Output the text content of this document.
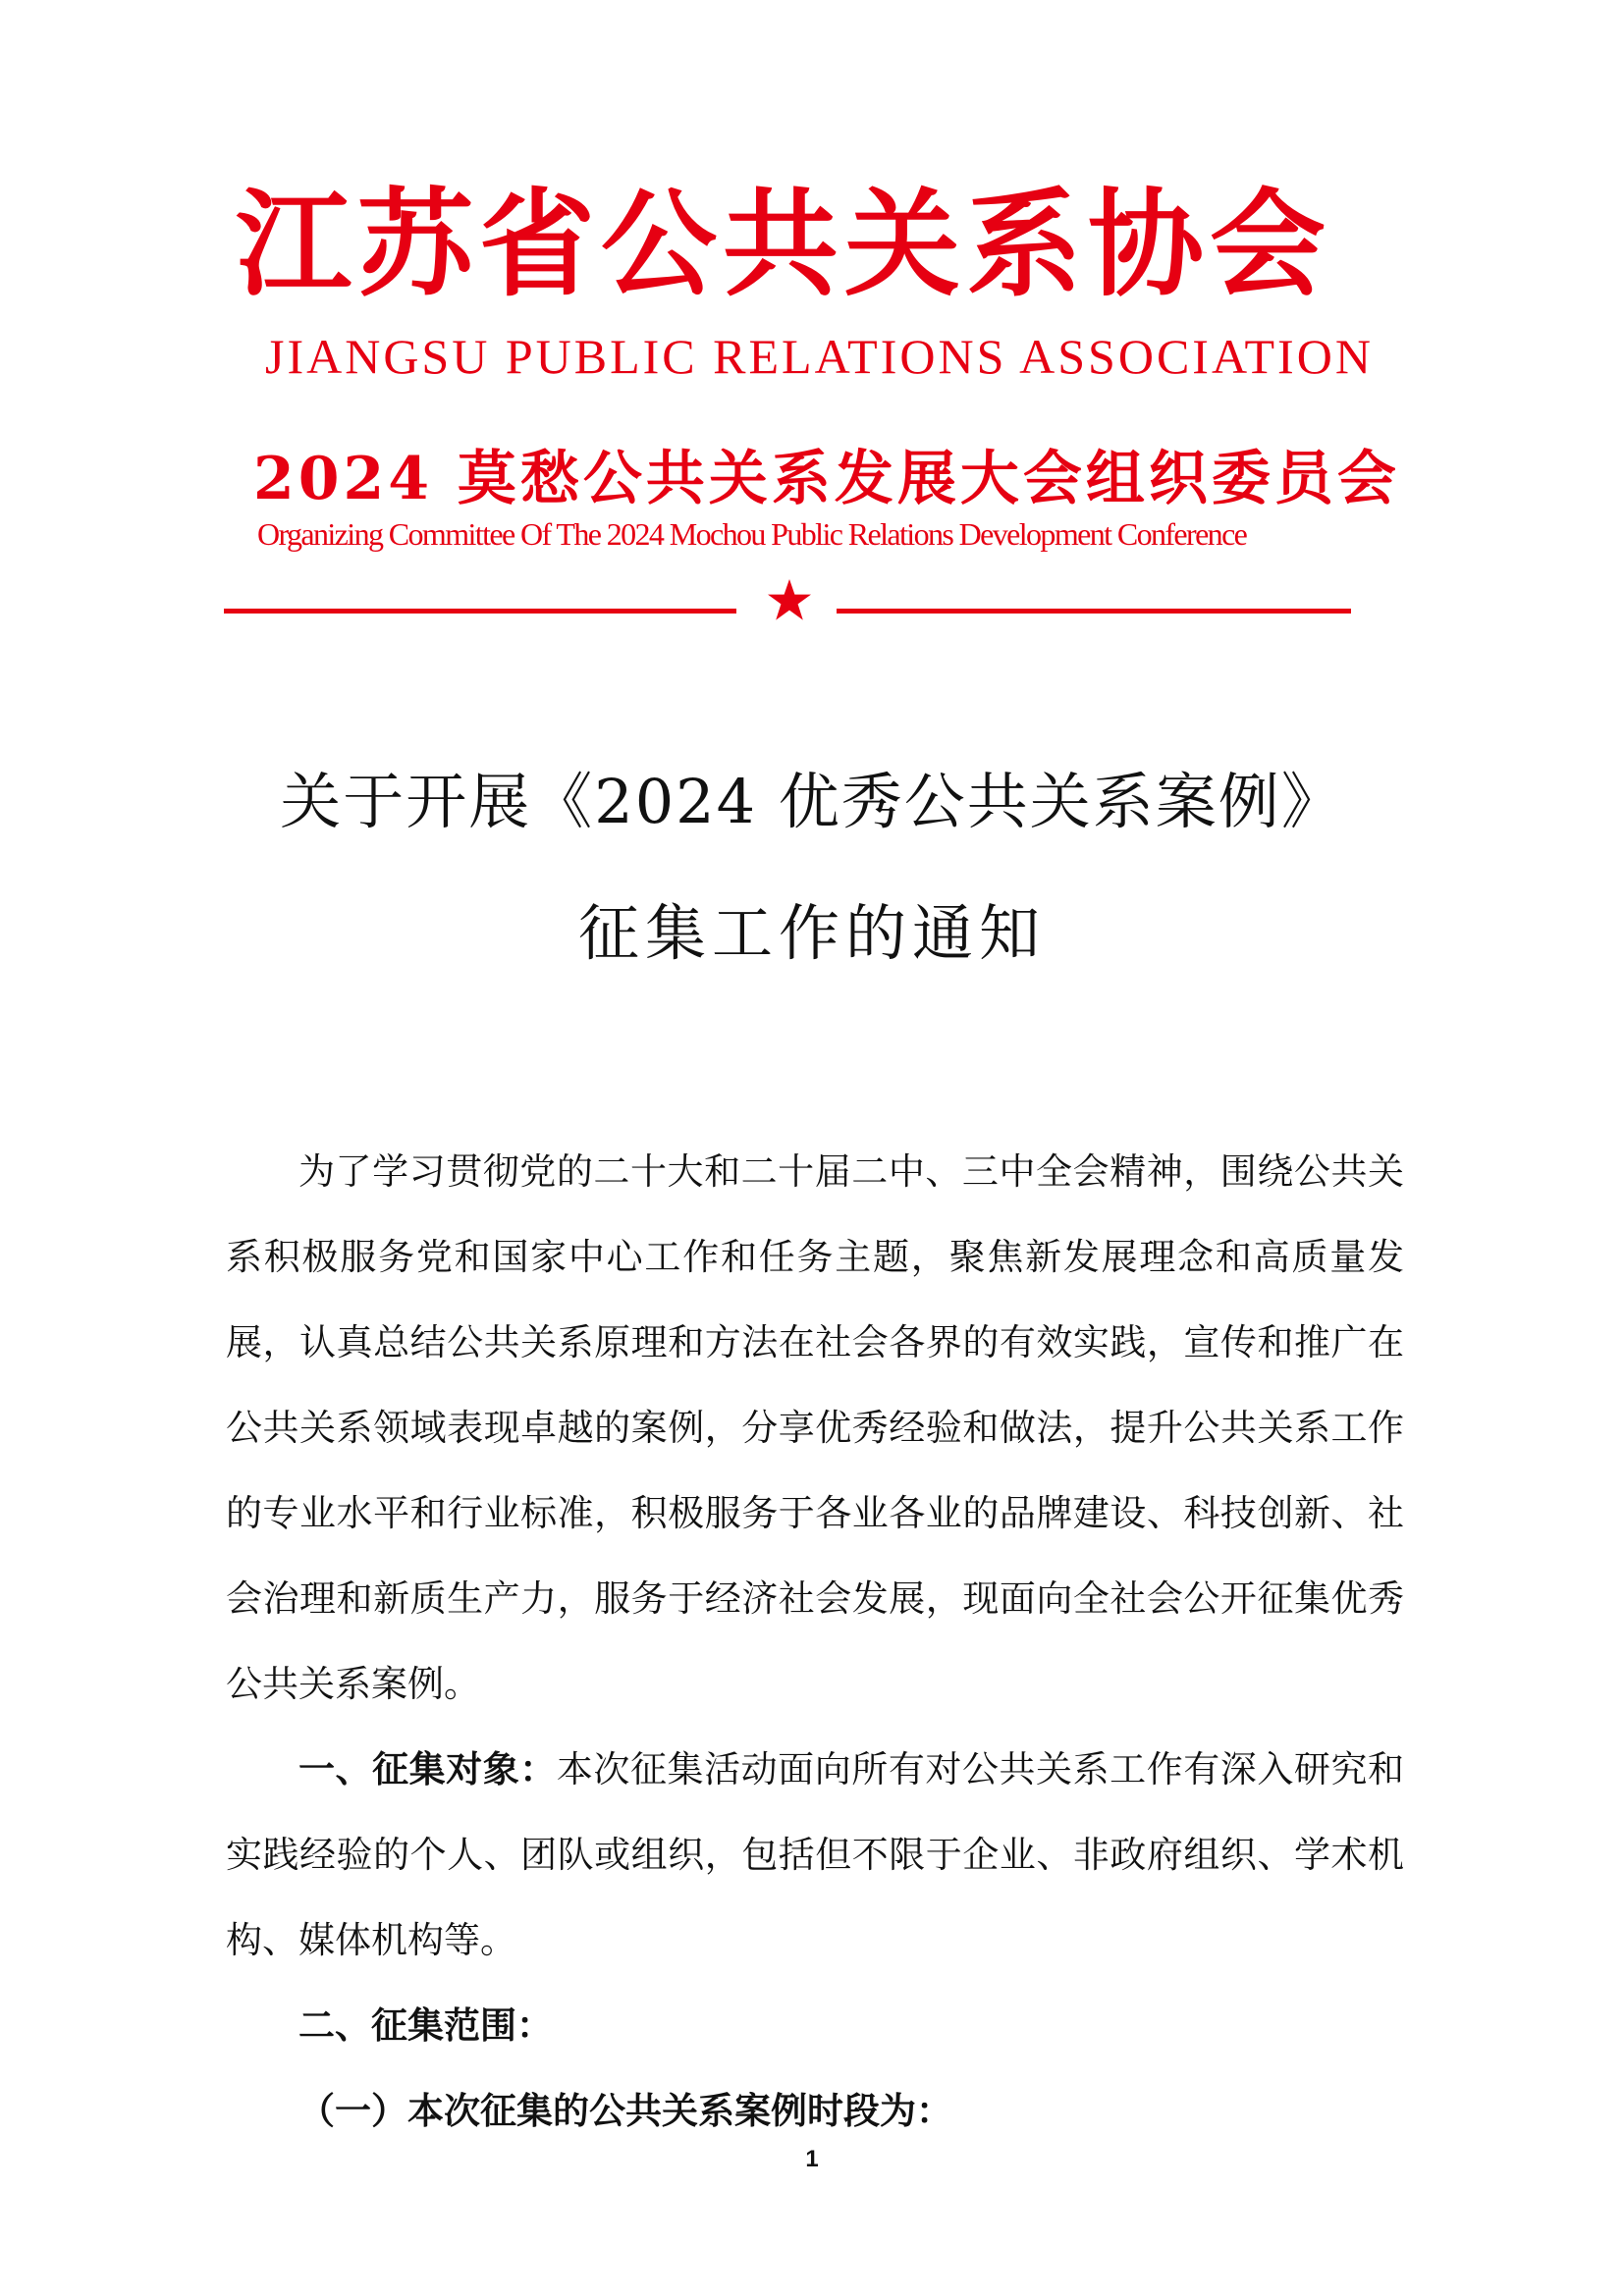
江苏省公共关系协会
JIANGSU PUBLIC RELATIONS ASSOCIATION
2024 莫愁公共关系发展大会组织委员会
Organizing Committee Of The 2024 Mochou Public Relations Development Conference
关于开展《2024 优秀公共关系案例》
征集工作的通知

为了学习贯彻党的二十大和二十届二中、三中全会精神，围绕公共关系积极服务党和国家中心工作和任务主题，聚焦新发展理念和高质量发展，认真总结公共关系原理和方法在社会各界的有效实践，宣传和推广在公共关系领域表现卓越的案例，分享优秀经验和做法，提升公共关系工作的专业水平和行业标准，积极服务于各业各业的品牌建设、科技创新、社会治理和新质生产力，服务于经济社会发展，现面向全社会公开征集优秀公共关系案例。

一、征集对象：本次征集活动面向所有对公共关系工作有深入研究和实践经验的个人、团队或组织，包括但不限于企业、非政府组织、学术机构、媒体机构等。

二、征集范围：

（一）本次征集的公共关系案例时段为：

1
